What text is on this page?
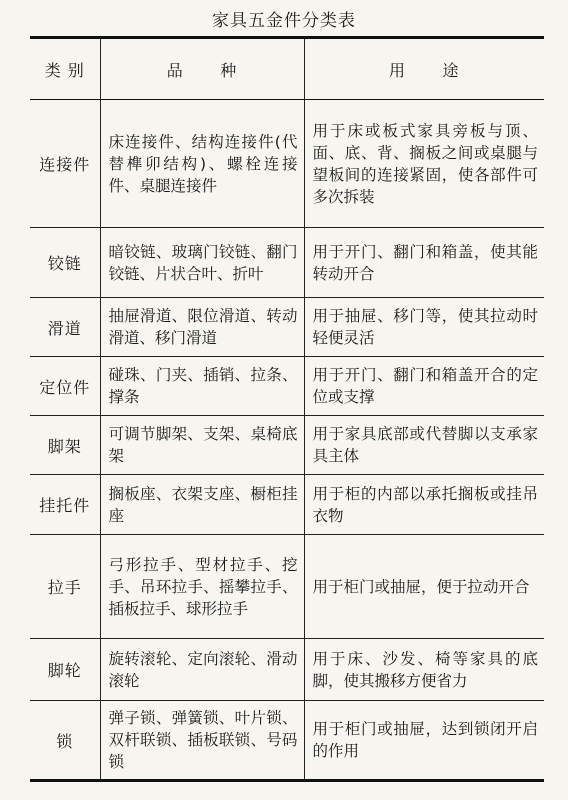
家具五金件分类表
类 别	品      种	用      途
连接件	床连接件、结构连接件(代替榫卯结构)、螺栓连接件、桌腿连接件	用于床或板式家具旁板与顶、面、底、背、搁板之间或桌腿与望板间的连接紧固，使各部件可多次拆装
铰链	暗铰链、玻璃门铰链、翻门铰链、片状合叶、折叶	用于开门、翻门和箱盖，使其能转动开合
滑道	抽屉滑道、限位滑道、转动滑道、移门滑道	用于抽屉、移门等，使其拉动时轻便灵活
定位件	碰珠、门夹、插销、拉条、撑条	用于开门、翻门和箱盖开合的定位或支撑
脚架	可调节脚架、支架、桌椅底架	用于家具底部或代替脚以支承家具主体
挂托件	搁板座、衣架支座、橱柜挂座	用于柜的内部以承托搁板或挂吊衣物
拉手	弓形拉手、型材拉手、挖手、吊环拉手、摇攀拉手、插板拉手、球形拉手	用于柜门或抽屉，便于拉动开合
脚轮	旋转滚轮、定向滚轮、滑动滚轮	用于床、沙发、椅等家具的底脚，使其搬移方便省力
锁	弹子锁、弹簧锁、叶片锁、双杆联锁、插板联锁、号码锁	用于柜门或抽屉，达到锁闭开启的作用
